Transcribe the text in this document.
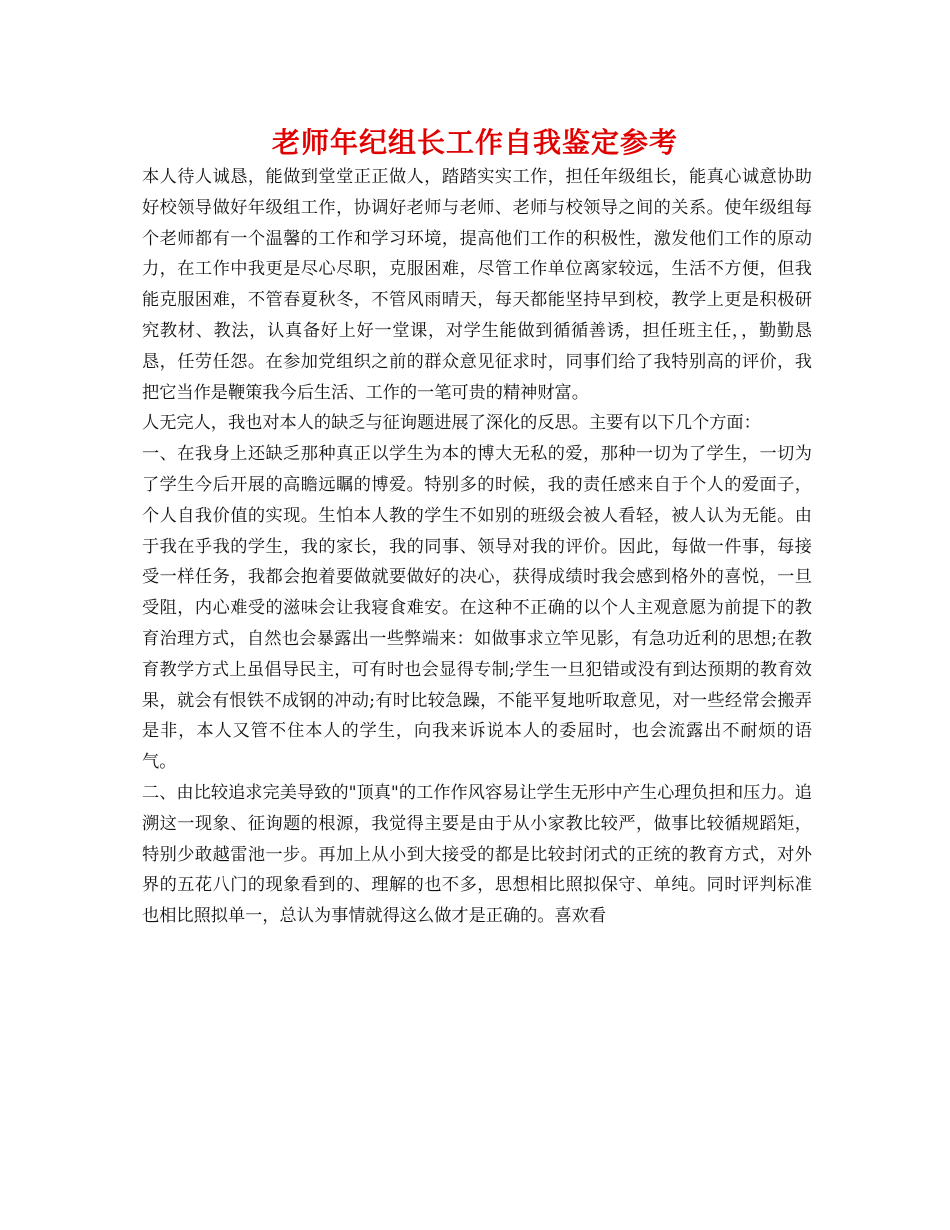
老师年纪组长工作自我鉴定参考

本人待人诚恳，能做到堂堂正正做人，踏踏实实工作，担任年级组长，能真心诚意协助好校领导做好年级组工作，协调好老师与老师、老师与校领导之间的关系。使年级组每个老师都有一个温馨的工作和学习环境，提高他们工作的积极性，激发他们工作的原动力，在工作中我更是尽心尽职，克服困难，尽管工作单位离家较远，生活不方便，但我能克服困难，不管春夏秋冬，不管风雨晴天，每天都能坚持早到校，教学上更是积极研究教材、教法，认真备好上好一堂课，对学生能做到循循善诱，担任班主任，，勤勤恳恳，任劳任怨。在参加党组织之前的群众意见征求时，同事们给了我特别高的评价，我把它当作是鞭策我今后生活、工作的一笔可贵的精神财富。

人无完人，我也对本人的缺乏与征询题进展了深化的反思。主要有以下几个方面：

一、在我身上还缺乏那种真正以学生为本的博大无私的爱，那种一切为了学生，一切为了学生今后开展的高瞻远瞩的博爱。特别多的时候，我的责任感来自于个人的爱面子，个人自我价值的实现。生怕本人教的学生不如别的班级会被人看轻，被人认为无能。由于我在乎我的学生，我的家长，我的同事、领导对我的评价。因此，每做一件事，每接受一样任务，我都会抱着要做就要做好的决心，获得成绩时我会感到格外的喜悦，一旦受阻，内心难受的滋味会让我寝食难安。在这种不正确的以个人主观意愿为前提下的教育治理方式，自然也会暴露出一些弊端来：如做事求立竿见影，有急功近利的思想;在教育教学方式上虽倡导民主，可有时也会显得专制;学生一旦犯错或没有到达预期的教育效果，就会有恨铁不成钢的冲动;有时比较急躁，不能平复地听取意见，对一些经常会搬弄是非，本人又管不住本人的学生，向我来诉说本人的委屈时，也会流露出不耐烦的语气。

二、由比较追求完美导致的"顶真"的工作作风容易让学生无形中产生心理负担和压力。追溯这一现象、征询题的根源，我觉得主要是由于从小家教比较严，做事比较循规蹈矩，特别少敢越雷池一步。再加上从小到大接受的都是比较封闭式的正统的教育方式，对外界的五花八门的现象看到的、理解的也不多，思想相比照拟保守、单纯。同时评判标准也相比照拟单一，总认为事情就得这么做才是正确的。喜欢看
